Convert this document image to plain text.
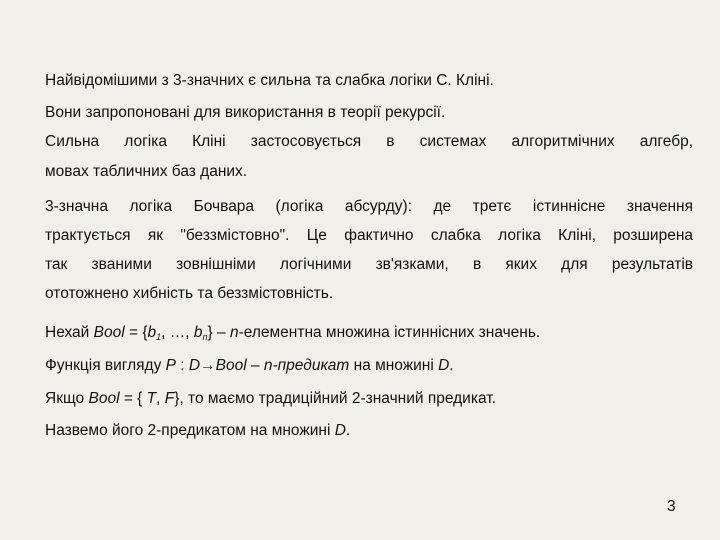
Найвідомішими з 3-значних є сильна та слабка логіки С. Кліні.
Вони запропоновані для використання в теорії рекурсії.
Сильна логіка Кліні застосовується в системах алгоритмічних алгебр,
мовах табличних баз даних.
3-значна логіка Бочвара (логіка абсурду): де третє істиннісне значення
трактується як "беззмістовно". Це фактично слабка логіка Кліні, розширена
так званими зовнішніми логічними зв'язками, в яких для результатів
ототожнено хибність та беззмістовність.
Нехай Bool = {$b_1$, …, $b_n$} – n-елементна множина істиннісних значень.
Функція вигляду P : D→Bool – n-предикат на множині D.
Якщо Bool = { T, F}, то маємо традиційний 2-значний предикат.
Назвемо його 2-предикатом на множині D.
3
